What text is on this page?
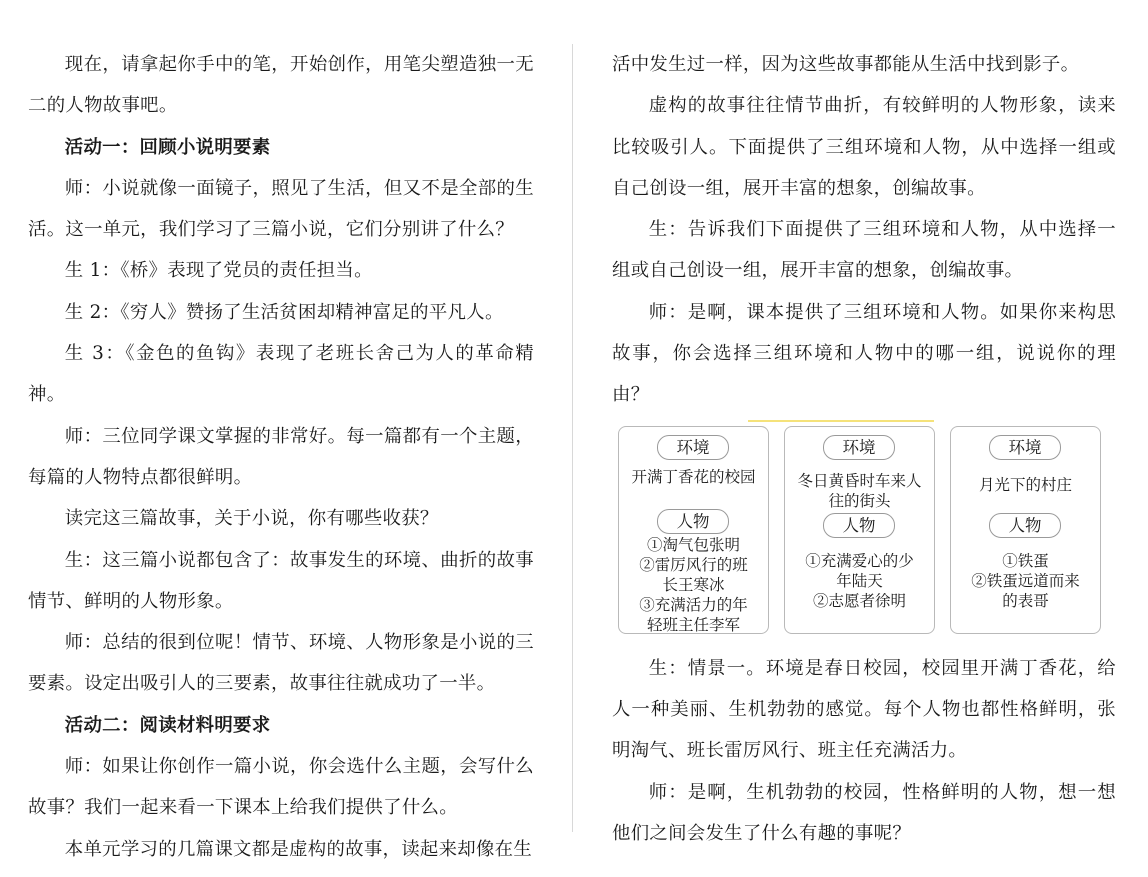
现在，请拿起你手中的笔，开始创作，用笔尖塑造独一无二的人物故事吧。

活动一：回顾小说明要素

师：小说就像一面镜子，照见了生活，但又不是全部的生活。这一单元，我们学习了三篇小说，它们分别讲了什么？

生 1：《桥》表现了党员的责任担当。

生 2：《穷人》赞扬了生活贫困却精神富足的平凡人。

生 3：《金色的鱼钩》表现了老班长舍己为人的革命精神。

师：三位同学课文掌握的非常好。每一篇都有一个主题，每篇的人物特点都很鲜明。

读完这三篇故事，关于小说，你有哪些收获？

生：这三篇小说都包含了：故事发生的环境、曲折的故事情节、鲜明的人物形象。

师：总结的很到位呢！情节、环境、人物形象是小说的三要素。设定出吸引人的三要素，故事往往就成功了一半。

活动二：阅读材料明要求

师：如果让你创作一篇小说，你会选什么主题，会写什么故事？我们一起来看一下课本上给我们提供了什么。

本单元学习的几篇课文都是虚构的故事，读起来却像在生

活中发生过一样，因为这些故事都能从生活中找到影子。

虚构的故事往往情节曲折，有较鲜明的人物形象，读来比较吸引人。下面提供了三组环境和人物，从中选择一组或自己创设一组，展开丰富的想象，创编故事。

生：告诉我们下面提供了三组环境和人物，从中选择一组或自己创设一组，展开丰富的想象，创编故事。

师：是啊，课本提供了三组环境和人物。如果你来构思故事，你会选择三组环境和人物中的哪一组，说说你的理由？

环境
开满丁香花的校园
人物
①淘气包张明
②雷厉风行的班
长王寒冰
③充满活力的年
轻班主任李军
环境
冬日黄昏时车来人
往的街头
人物
①充满爱心的少
年陆天
②志愿者徐明
环境
月光下的村庄
人物
①铁蛋
②铁蛋远道而来
的表哥

生：情景一。环境是春日校园，校园里开满丁香花，给人一种美丽、生机勃勃的感觉。每个人物也都性格鲜明，张明淘气、班长雷厉风行、班主任充满活力。

师：是啊，生机勃勃的校园，性格鲜明的人物，想一想他们之间会发生了什么有趣的事呢？
